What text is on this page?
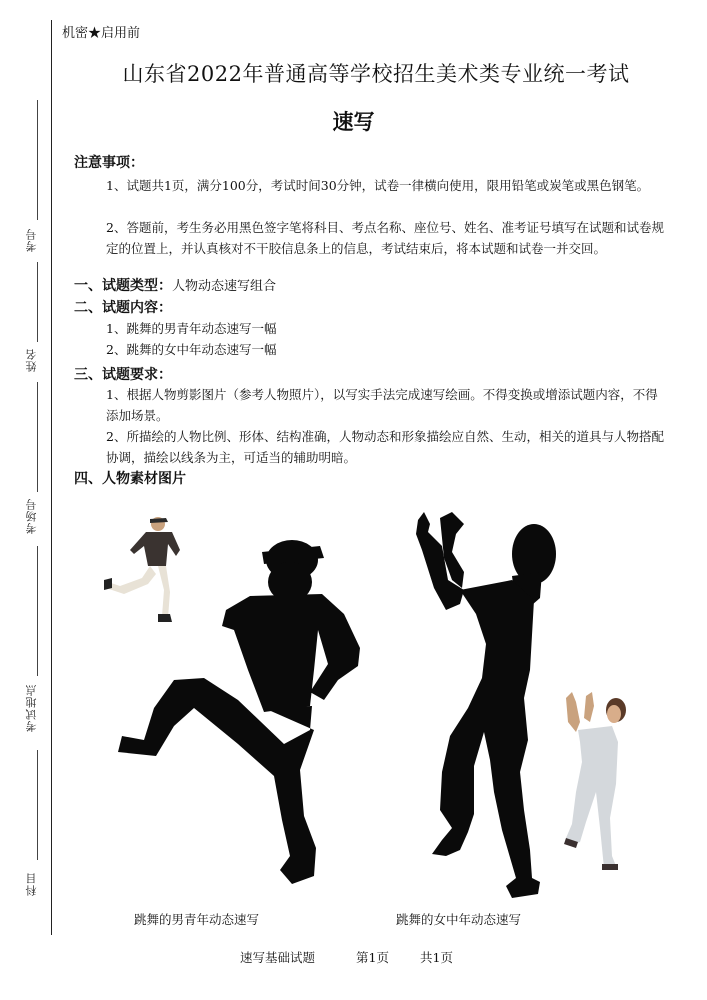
考号
姓名
考场号
考试地点
科目
机密★启用前
山东省2022年普通高等学校招生美术类专业统一考试
速写
注意事项：
1、试题共1页，满分100分，考试时间30分钟，试卷一律横向使用，限用铅笔或炭笔或黑色钢笔。
2、答题前，考生务必用黑色签字笔将科目、考点名称、座位号、姓名、准考证号填写在试题和试卷规定的位置上，并认真核对不干胶信息条上的信息，考试结束后，将本试题和试卷一并交回。
一、试题类型：人物动态速写组合
二、试题内容：
1、跳舞的男青年动态速写一幅
2、跳舞的女中年动态速写一幅
三、试题要求：
1、根据人物剪影图片（参考人物照片），以写实手法完成速写绘画。不得变换或增添试题内容，不得添加场景。
2、所描绘的人物比例、形体、结构准确，人物动态和形象描绘应自然、生动，相关的道具与人物搭配协调，描绘以线条为主，可适当的辅助明暗。
四、人物素材图片
跳舞的男青年动态速写	跳舞的女中年动态速写
速写基础试题	第1页 共1页
